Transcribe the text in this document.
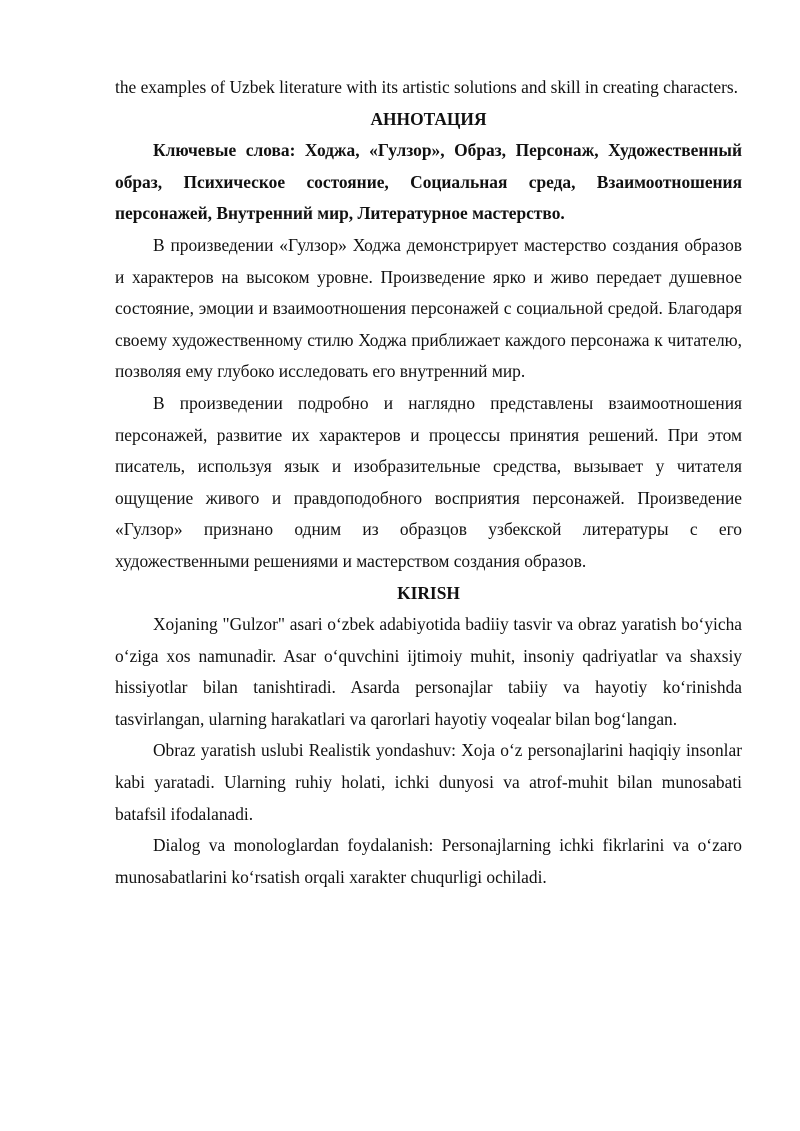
the examples of Uzbek literature with its artistic solutions and skill in creating characters.

АННОТАЦИЯ

Ключевые слова: Ходжа, «Гулзор», Образ, Персонаж, Художественный образ, Психическое состояние, Социальная среда, Взаимоотношения персонажей, Внутренний мир, Литературное мастерство.

В произведении «Гулзор» Ходжа демонстрирует мастерство создания образов и характеров на высоком уровне. Произведение ярко и живо передает душевное состояние, эмоции и взаимоотношения персонажей с социальной средой. Благодаря своему художественному стилю Ходжа приближает каждого персонажа к читателю, позволяя ему глубоко исследовать его внутренний мир.

В произведении подробно и наглядно представлены взаимоотношения персонажей, развитие их характеров и процессы принятия решений. При этом писатель, используя язык и изобразительные средства, вызывает у читателя ощущение живого и правдоподобного восприятия персонажей. Произведение «Гулзор» признано одним из образцов узбекской литературы с его художественными решениями и мастерством создания образов.

KIRISH

Xojaning "Gulzor" asari o‘zbek adabiyotida badiiy tasvir va obraz yaratish bo‘yicha o‘ziga xos namunadir. Asar o‘quvchini ijtimoiy muhit, insoniy qadriyatlar va shaxsiy hissiyotlar bilan tanishtiradi. Asarda personajlar tabiiy va hayotiy ko‘rinishda tasvirlangan, ularning harakatlari va qarorlari hayotiy voqealar bilan bog‘langan.

Obraz yaratish uslubi Realistik yondashuv: Xoja o‘z personajlarini haqiqiy insonlar kabi yaratadi. Ularning ruhiy holati, ichki dunyosi va atrof-muhit bilan munosabati batafsil ifodalanadi.

Dialog va monologlardan foydalanish: Personajlarning ichki fikrlarini va o‘zaro munosabatlarini ko‘rsatish orqali xarakter chuqurligi ochiladi.
